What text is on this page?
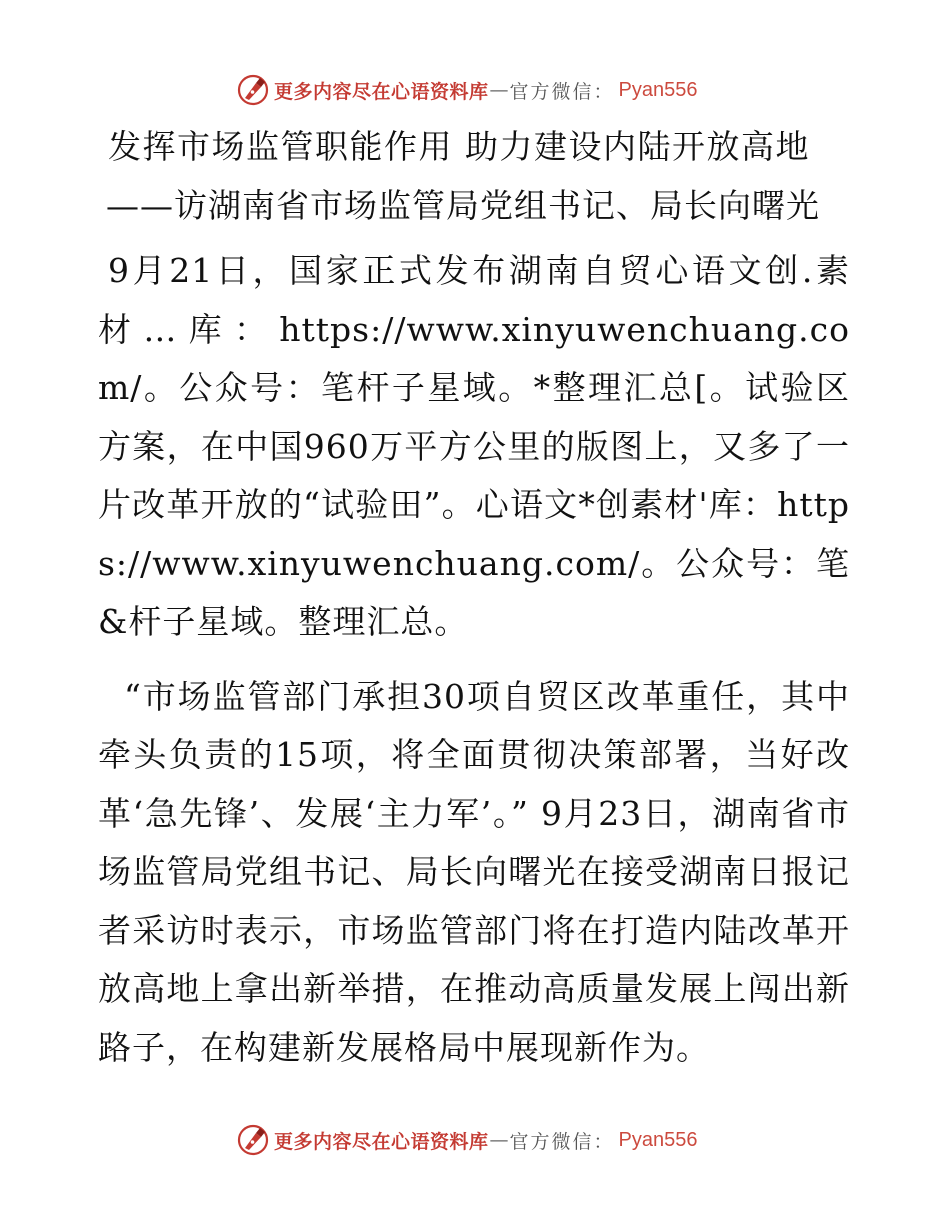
更多内容尽在心语资料库 — 官方微信： Pyan556
发挥市场监管职能作用 助力建设内陆开放高地
——访湖南省市场监管局党组书记、局长向曙光

9月21日，国家正式发布湖南自贸心语文创.素材…库：https://www.xinyuwenchuang.com/。公众号：笔杆子星域。*整理汇总[。试验区方案，在中国960万平方公里的版图上，又多了一片改革开放的“试验田”。心语文*创素材'库：https://www.xinyuwenchuang.com/。公众号：笔&杆子星域。整理汇总。

“市场监管部门承担30项自贸区改革重任，其中牵头负责的15项，将全面贯彻决策部署，当好改革‘急先锋’、发展‘主力军’。” 9月23日，湖南省市场监管局党组书记、局长向曙光在接受湖南日报记者采访时表示，市场监管部门将在打造内陆改革开放高地上拿出新举措，在推动高质量发展上闯出新路子，在构建新发展格局中展现新作为。

更多内容尽在心语资料库 — 官方微信： Pyan556
